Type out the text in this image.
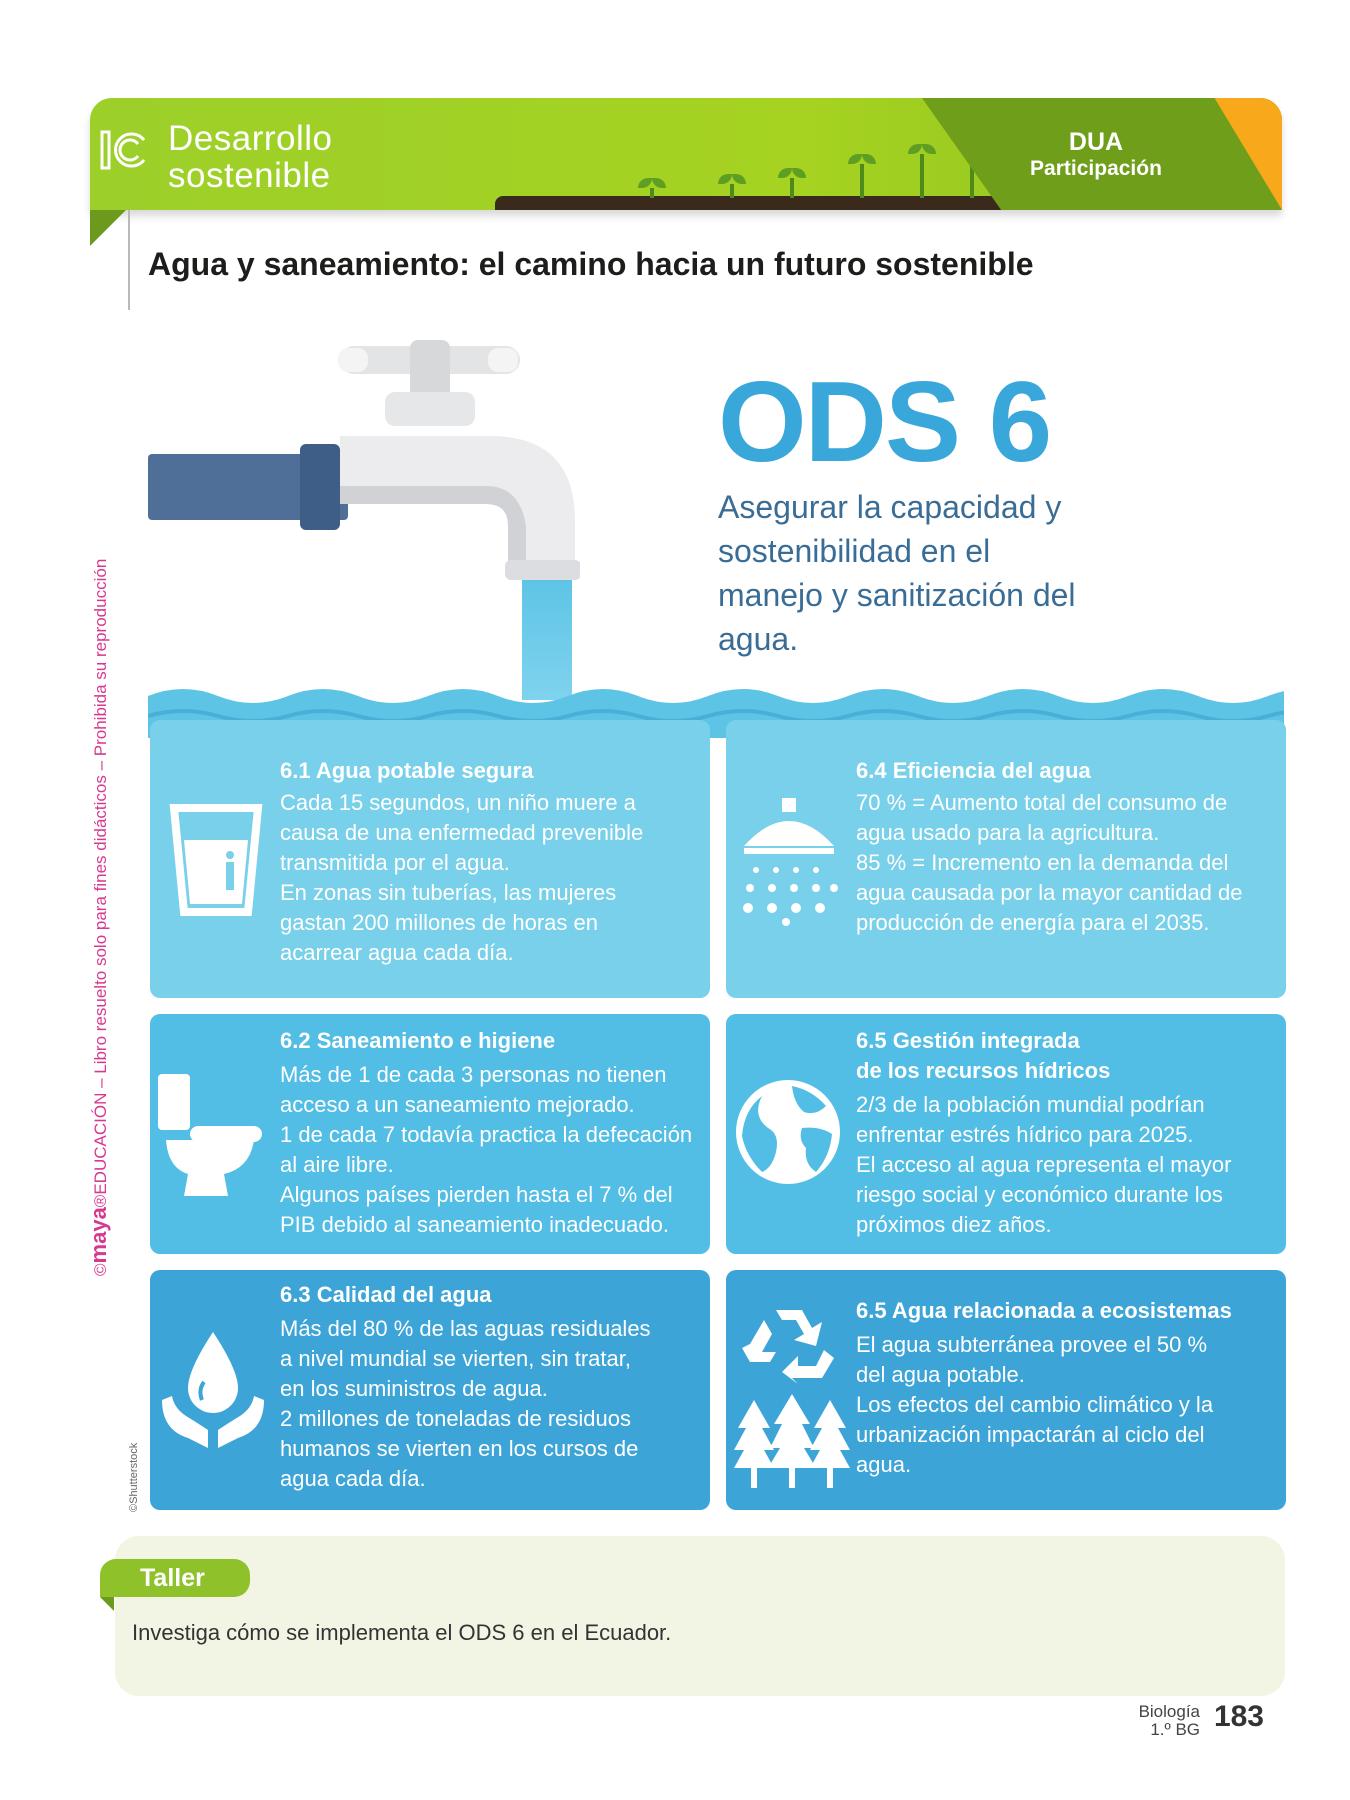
Desarrollo
sostenible
DUA
Participación
Agua y saneamiento: el camino hacia un futuro sostenible
ODS 6
Asegurar la capacidad y sostenibilidad en el manejo y sanitización del agua.
6.1 Agua potable segura
Cada 15 segundos, un niño muere a
causa de una enfermedad prevenible
transmitida por el agua.
En zonas sin tuberías, las mujeres
gastan 200 millones de horas en
acarrear agua cada día.
6.4 Eficiencia del agua
70 % = Aumento total del consumo de
agua usado para la agricultura.
85 % = Incremento en la demanda del
agua causada por la mayor cantidad de
producción de energía para el 2035.
6.2 Saneamiento e higiene
Más de 1 de cada 3 personas no tienen
acceso a un saneamiento mejorado.
1 de cada 7 todavía practica la defecación
al aire libre.
Algunos países pierden hasta el 7 % del
PIB debido al saneamiento inadecuado.
6.5 Gestión integrada
de los recursos hídricos
2/3 de la población mundial podrían
enfrentar estrés hídrico para 2025.
El acceso al agua representa el mayor
riesgo social y económico durante los
próximos diez años.
6.3 Calidad del agua
Más del 80 % de las aguas residuales
a nivel mundial se vierten, sin tratar,
en los suministros de agua.
2 millones de toneladas de residuos
humanos se vierten en los cursos de
agua cada día.
6.5 Agua relacionada a ecosistemas
El agua subterránea provee el 50 %
del agua potable.
Los efectos del cambio climático y la
urbanización impactarán al ciclo del
agua.
Taller
Investiga cómo se implementa el ODS 6 en el Ecuador.
Biología
1.º BG 183
©maya®EDUCACIÓN – Libro resuelto solo para fines didácticos – Prohibida su reproducción
©Shutterstock
